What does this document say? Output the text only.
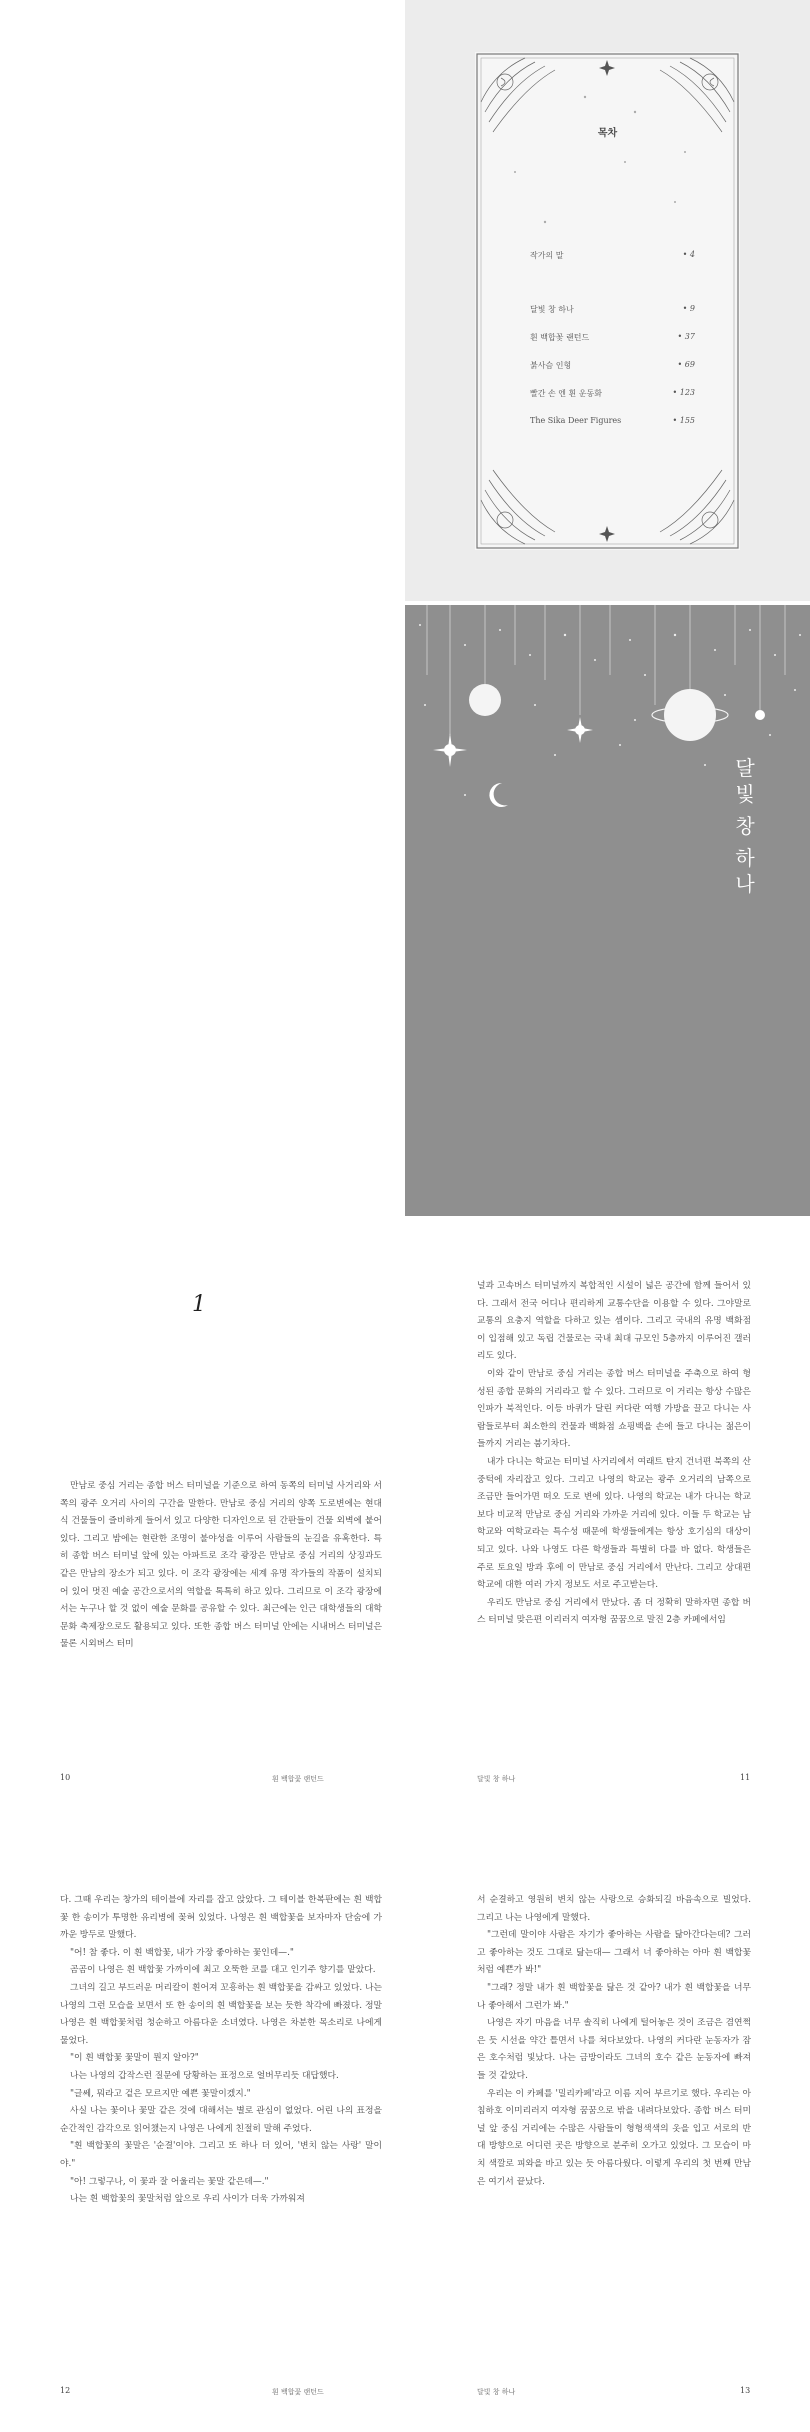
목차
작가의 말	• 4
달빛 창 하나	• 9
흰 백합꽃 랜턴드	• 37
붉사슴 인형	• 69
빨간 손 엔 흰 운동화	• 123
The Sika Deer Figures	• 155
달
빛
창
하
나
1

만남로 중심 거리는 종합 버스 터미널을 기준으로 하여 동쪽의 터미널 사거리와 서쪽의 광주 오거리 사이의 구간을 말한다. 만남로 중심 거리의 양쪽 도로변에는 현대식 건물들이 즐비하게 들어서 있고 다양한 디자인으로 된 간판들이 건물 외벽에 붙어 있다. 그리고 밤에는 현란한 조명이 불야성을 이루어 사람들의 눈길을 유혹한다. 특히 종합 버스 터미널 앞에 있는 아파트로 조각 광장은 만남로 중심 거리의 상징과도 같은 만남의 장소가 되고 있다. 이 조각 광장에는 세계 유명 작가들의 작품이 설치되어 있어 멋진 예술 공간으로서의 역할을 톡톡히 하고 있다. 그리므로 이 조각 광장에서는 누구나 할 것 없이 예술 문화를 공유할 수 있다. 최근에는 인근 대학생들의 대학 문화 축제장으로도 활용되고 있다. 또한 종합 버스 터미널 안에는 시내버스 터미널은 물론 시외버스 터미

10	흰 백합꽃 랜턴드

널과 고속버스 터미널까지 복합적인 시설이 넓은 공간에 함께 들어서 있다. 그래서 전국 어디나 편리하게 교통수단을 이용할 수 있다. 그야말로 교통의 요충지 역할을 다하고 있는 셈이다. 그리고 국내의 유명 백화점이 입점해 있고 독립 건물로는 국내 최대 규모인 5층까지 이루어진 갤러리도 있다.

이와 같이 만남로 중심 거리는 종합 버스 터미널을 주축으로 하여 형성된 종합 문화의 거리라고 할 수 있다. 그러므로 이 거리는 항상 수많은 인파가 북적인다. 이등 바퀴가 달린 커다란 여행 가방을 끌고 다니는 사람들로부터 최소한의 컨물과 백화점 쇼핑백을 손에 들고 다니는 젊은이들까지 거리는 붐기차다.

내가 다니는 학교는 터미널 사거리에서 여래트 탄지 건너편 북쪽의 산 중턱에 자리잡고 있다. 그리고 나영의 학교는 광주 오거리의 남쪽으로 조금만 들어가면 떠오 도로 변에 있다. 나영의 학교는 내가 다니는 학교보다 비교적 만남로 중심 거리와 가까운 거리에 있다. 이들 두 학교는 남학교와 여학교라는 특수성 때문에 학생들에게는 항상 호기심의 대상이 되고 있다. 나와 나영도 다른 학생들과 특별히 다를 바 없다. 학생들은 주로 토요일 방과 후에 이 만남로 중심 거리에서 만난다. 그리고 상대편 학교에 대한 여러 가지 정보도 서로 주고받는다.

우리도 만남로 중심 거리에서 만났다. 좀 더 정확히 말하자면 종합 버스 터미널 맞은편 이리러지 여자형 꿈꿈으로 말진 2층 카페에서임

달빛 창 하나	11

다. 그때 우리는 창가의 테이블에 자리를 잡고 앉았다. 그 테이블 한복판에는 흰 백합꽃 한 송이가 투명한 유리병에 꽂혀 있었다. 나영은 흰 백합꽃을 보자마자 단숨에 가까운 방두로 말했다.

"어! 참 좋다. 이 흰 백합꽃, 내가 가장 좋아하는 꽃인데—."

곰곰이 나영은 흰 백합꽃 가까이에 최고 오뚝한 코를 대고 인기주 향기를 맡았다.

그녀의 길고 부드러운 머리칼이 흰어져 꼬흥하는 흰 백합꽃을 감싸고 있었다. 나는 나영의 그런 모습을 보면서 또 한 송이의 흰 백합꽃을 보는 듯한 착각에 빠졌다. 정말 나영은 흰 백합꽃처럼 청순하고 아름다운 소녀였다. 나영은 차분한 목소리로 나에게 물었다.

"이 흰 백합꽃 꽃말이 뭔지 알아?"

나는 나영의 갑작스런 질문에 당황하는 표정으로 얼버무리듯 대답했다.

"글쎄, 뭐라고 겉은 모르지만 예쁜 꽃말이겠지."

사실 나는 꽃이나 꽃말 같은 것에 대해서는 별로 관심이 없었다. 어린 나의 표정을 순간적인 감각으로 읽어챘는지 나영은 나에게 친절히 말해 주었다.

"흰 백합꽃의 꽃말은 '순결'이야. 그리고 또 하나 더 있어, '변치 않는 사랑' 말이야."

"아! 그렇구나, 이 꽃과 잘 어울리는 꽃말 같은데—."

나는 흰 백합꽃의 꽃말처럼 앞으로 우리 사이가 더욱 가까워져

12	흰 백합꽃 랜턴드

서 순결하고 영원히 변치 않는 사랑으로 승화되길 바음속으로 빌었다. 그리고 나는 나영에게 말했다.

"그런데 말이야 사람은 자기가 좋아하는 사람을 닮아간다는데? 그러고 좋아하는 것도 그대로 닮는대— 그래서 너 좋아하는 아마 흰 백합꽃처럼 예쁜가 봐!"

"그래? 정말 내가 흰 백합꽃을 닮은 것 같아? 내가 흰 백합꽃을 너무나 좋아해서 그런가 봐."

나영은 자기 마음을 너무 솔직히 나에게 털어놓은 것이 조금은 겸연쩍은 듯 시선을 약간 틀면서 나를 쳐다보았다. 나영의 커다란 눈동자가 잠은 호수처럼 빛났다. 나는 금방이라도 그녀의 호수 같은 눈동자에 빠져들 것 같았다.

우리는 이 카페를 '밀리카페'라고 이름 지어 부르기로 했다. 우리는 아침하호 이미리러지 여자형 꿈꿈으로 밖을 내려다보았다. 종합 버스 터미널 앞 중심 거리에는 수많은 사람들이 형형색색의 옷을 입고 서로의 반대 방향으로 어디런 곳은 방향으로 분주히 오가고 있었다. 그 모습이 마치 색깔로 피와을 바고 있는 듯 아름다웠다. 이렇게 우리의 첫 번째 만남은 여기서 끝났다.

달빛 창 하나	13
